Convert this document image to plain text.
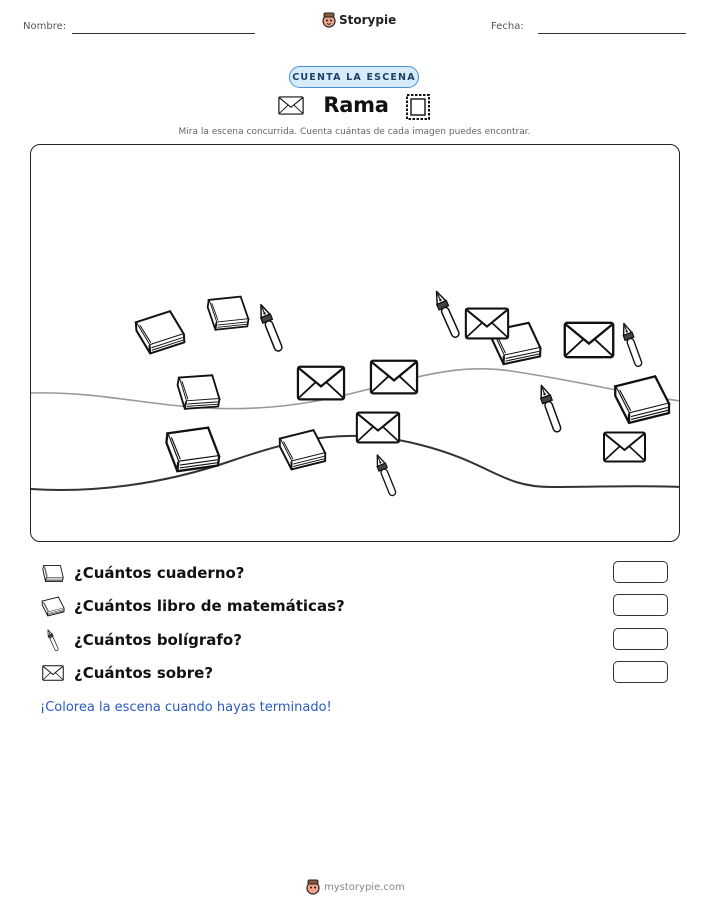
Nombre:	Storypie	Fecha:
CUENTA LA ESCENA
Rama
Mira la escena concurrida. Cuenta cuántas de cada imagen puedes encontrar.
¿Cuántos cuaderno?
¿Cuántos libro de matemáticas?
¿Cuántos bolígrafo?
¿Cuántos sobre?
¡Colorea la escena cuando hayas terminado!
mystorypie.com
